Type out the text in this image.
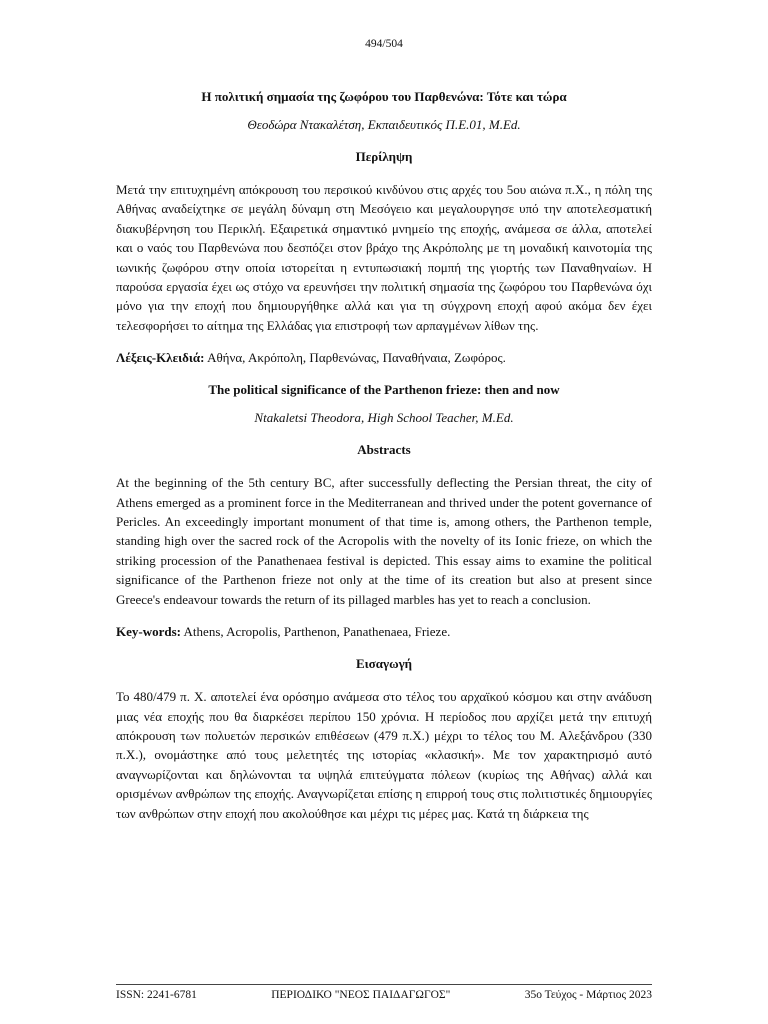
494/504

Η πολιτική σημασία της ζωφόρου του Παρθενώνα: Τότε και τώρα

Θεοδώρα Ντακαλέτση, Εκπαιδευτικός Π.Ε.01, M.Ed.

Περίληψη

Μετά την επιτυχημένη απόκρουση του περσικού κινδύνου στις αρχές του 5ου αιώνα π.Χ., η πόλη της Αθήνας αναδείχτηκε σε μεγάλη δύναμη στη Μεσόγειο και μεγαλουργησε υπό την αποτελεσματική διακυβέρνηση του Περικλή. Εξαιρετικά σημαντικό μνημείο της εποχής, ανάμεσα σε άλλα, αποτελεί και ο ναός του Παρθενώνα που δεσπόζει στον βράχο της Ακρόπολης με τη μοναδική καινοτομία της ιωνικής ζωφόρου στην οποία ιστορείται η εντυπωσιακή πομπή της γιορτής των Παναθηναίων. Η παρούσα εργασία έχει ως στόχο να ερευνήσει την πολιτική σημασία της ζωφόρου του Παρθενώνα όχι μόνο για την εποχή που δημιουργήθηκε αλλά και για τη σύγχρονη εποχή αφού ακόμα δεν έχει τελεσφορήσει το αίτημα της Ελλάδας για επιστροφή των αρπαγμένων λίθων της.

Λέξεις-Κλειδιά: Αθήνα, Ακρόπολη, Παρθενώνας, Παναθήναια, Ζωφόρος.

The political significance of the Parthenon frieze: then and now

Ntakaletsi Theodora, High School Teacher, M.Ed.

Abstracts

At the beginning of the 5th century BC, after successfully deflecting the Persian threat, the city of Athens emerged as a prominent force in the Mediterranean and thrived under the potent governance of Pericles. An exceedingly important monument of that time is, among others, the Parthenon temple, standing high over the sacred rock of the Acropolis with the novelty of its Ionic frieze, on which the striking procession of the Panathenaea festival is depicted. This essay aims to examine the political significance of the Parthenon frieze not only at the time of its creation but also at present since Greece's endeavour towards the return of its pillaged marbles has yet to reach a conclusion.

Key-words: Athens, Acropolis, Parthenon, Panathenaea, Frieze.

Εισαγωγή

Το 480/479 π. Χ. αποτελεί ένα ορόσημο ανάμεσα στο τέλος του αρχαϊκού κόσμου και στην ανάδυση μιας νέα εποχής που θα διαρκέσει περίπου 150 χρόνια. Η περίοδος που αρχίζει μετά την επιτυχή απόκρουση των πολυετών περσικών επιθέσεων (479 π.Χ.) μέχρι το τέλος του Μ. Αλεξάνδρου (330 π.Χ.), ονομάστηκε από τους μελετητές της ιστορίας «κλασική». Με τον χαρακτηρισμό αυτό αναγνωρίζονται και δηλώνονται τα υψηλά επιτεύγματα πόλεων (κυρίως της Αθήνας) αλλά και ορισμένων ανθρώπων της εποχής. Αναγνωρίζεται επίσης η επιρροή τους στις πολιτιστικές δημιουργίες των ανθρώπων στην εποχή που ακολούθησε και μέχρι τις μέρες μας. Κατά τη διάρκεια της

ISSN: 2241-6781	ΠΕΡΙΟΔΙΚΟ "ΝΕΟΣ ΠΑΙΔΑΓΩΓΟΣ"	35ο Τεύχος - Μάρτιος 2023
